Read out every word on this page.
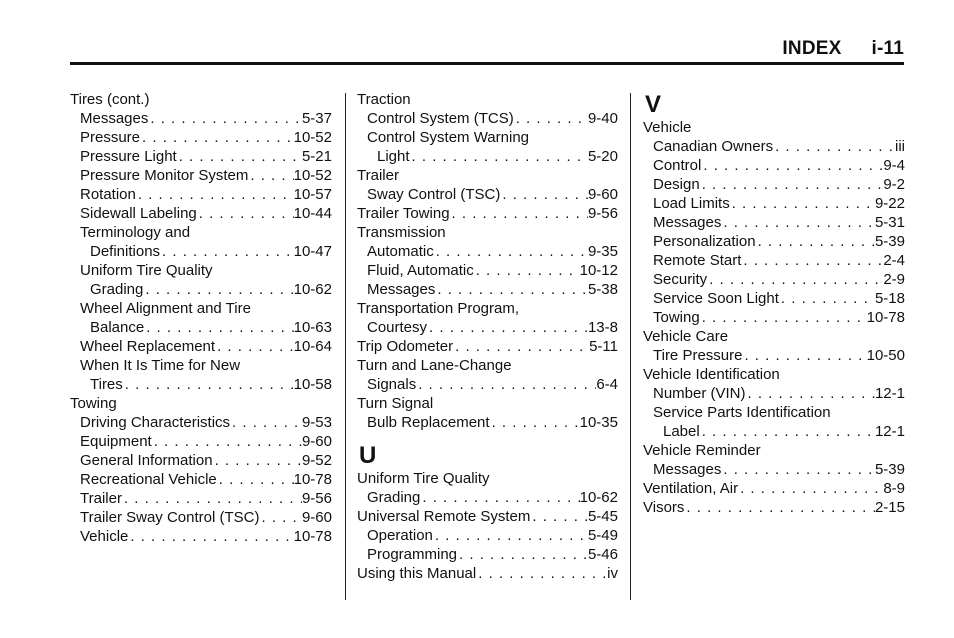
INDEX i-11
Tires (cont.)
Messages . . .	5-37
Pressure . . .	10-52
Pressure Light . . .	5-21
Pressure Monitor System . . .	10-52
Rotation . . .	10-57
Sidewall Labeling . . .	10-44
Terminology and
Definitions . . .	10-47
Uniform Tire Quality
Grading . . .	10-62
Wheel Alignment and Tire
Balance . . .	10-63
Wheel Replacement . . .	10-64
When It Is Time for New
Tires . . .	10-58
Towing
Driving Characteristics . . .	9-53
Equipment . . .	9-60
General Information . . .	9-52
Recreational Vehicle . . .	10-78
Trailer . . .	9-56
Trailer Sway Control (TSC) . . .	9-60
Vehicle . . .	10-78
Traction
Control System (TCS) . . .	9-40
Control System Warning
Light . . .	5-20
Trailer
Sway Control (TSC) . . .	9-60
Trailer Towing . . .	9-56
Transmission
Automatic . . .	9-35
Fluid, Automatic . . .	10-12
Messages . . .	5-38
Transportation Program,
Courtesy . . .	13-8
Trip Odometer . . .	5-11
Turn and Lane-Change
Signals . . .	6-4
Turn Signal
Bulb Replacement . . .	10-35
U
Uniform Tire Quality
Grading . . .	10-62
Universal Remote System . . .	5-45
Operation . . .	5-49
Programming . . .	5-46
Using this Manual . . .	iv
V
Vehicle
Canadian Owners . . .	iii
Control . . .	9-4
Design . . .	9-2
Load Limits . . .	9-22
Messages . . .	5-31
Personalization . . .	5-39
Remote Start . . .	2-4
Security . . .	2-9
Service Soon Light . . .	5-18
Towing . . .	10-78
Vehicle Care
Tire Pressure . . .	10-50
Vehicle Identification
Number (VIN) . . .	12-1
Service Parts Identification
Label . . .	12-1
Vehicle Reminder
Messages . . .	5-39
Ventilation, Air . . .	8-9
Visors . . .	2-15
